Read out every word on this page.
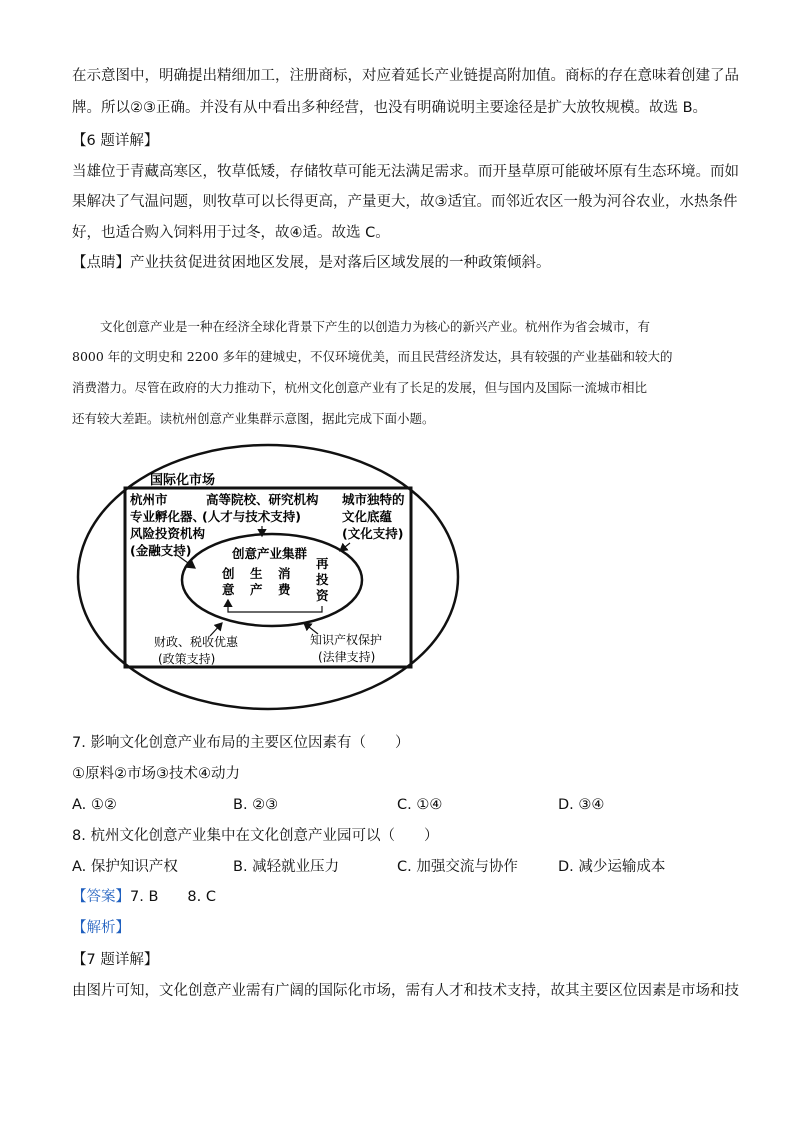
在示意图中，明确提出精细加工，注册商标，对应着延长产业链提高附加值。商标的存在意味着创建了品
牌。所以②③正确。并没有从中看出多种经营，也没有明确说明主要途径是扩大放牧规模。故选 B。
【6 题详解】
当雄位于青藏高寒区，牧草低矮，存储牧草可能无法满足需求。而开垦草原可能破坏原有生态环境。而如
果解决了气温问题，则牧草可以长得更高，产量更大，故③适宜。而邻近农区一般为河谷农业，水热条件
好，也适合购入饲料用于过冬，故④适。故选 C。
【点睛】产业扶贫促进贫困地区发展，是对落后区域发展的一种政策倾斜。
文化创意产业是一种在经济全球化背景下产生的以创造力为核心的新兴产业。杭州作为省会城市，有
8000 年的文明史和 2200 多年的建城史，不仅环境优美，而且民营经济发达，具有较强的产业基础和较大的
消费潜力。尽管在政府的大力推动下，杭州文化创意产业有了长足的发展，但与国内及国际一流城市相比
还有较大差距。读杭州创意产业集群示意图，据此完成下面小题。
国际化市场
杭州市
专业孵化器、
风险投资机构
(金融支持)
高等院校、研究机构
(人才与技术支持)
城市独特的
文化底蕴
(文化支持)
创意产业集群
创
意
生
产
消
费
再
投
资
财政、税收优惠
(政策支持)
知识产权保护
(法律支持)
7. 影响文化创意产业布局的主要区位因素有（　　）
①原料②市场③技术④动力
A. ①②	B. ②③	C. ①④	D. ③④
8. 杭州文化创意产业集中在文化创意产业园可以（　　）
A. 保护知识产权	B. 减轻就业压力	C. 加强交流与协作	D. 减少运输成本
【答案】7. B　　8. C
【解析】
【7 题详解】
由图片可知，文化创意产业需有广阔的国际化市场，需有人才和技术支持，故其主要区位因素是市场和技
